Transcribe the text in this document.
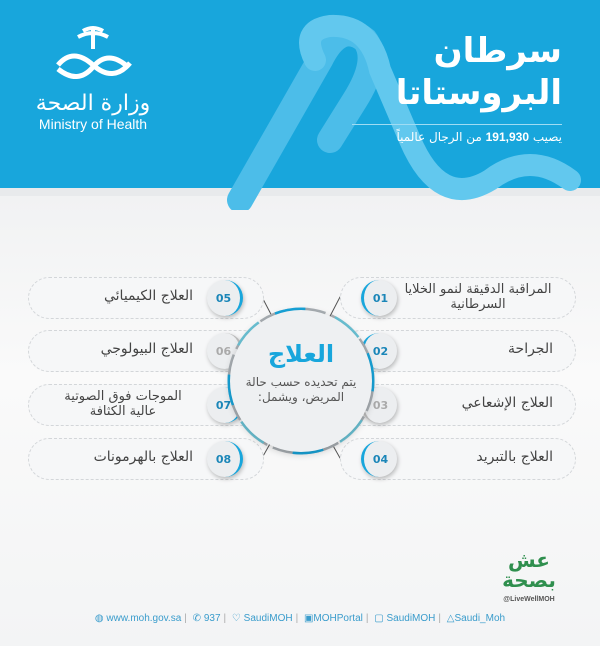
وزارة الصحة
Ministry of Health
سرطان
البروستاتا
يصيب 191,930 من الرجال عالمياً
05
العلاج الكيميائي
06
العلاج البيولوجي
07
الموجات فوق الصوتية عالية الكثافة
08
العلاج بالهرمونات
01
المراقبة الدقيقة لنمو الخلايا السرطانية
02	الجراحة
03	العلاج الإشعاعي
04	العلاج بالتبريد
العلاج
يتم تحديده حسب حالة المريض، ويشمل:
عش بصحة
@LiveWellMOH
◍ www.moh.gov.sa | ✆ 937 | ♡ SaudiMOH | ▣MOHPortal | ▢ SaudiMOH | △Saudi_Moh
